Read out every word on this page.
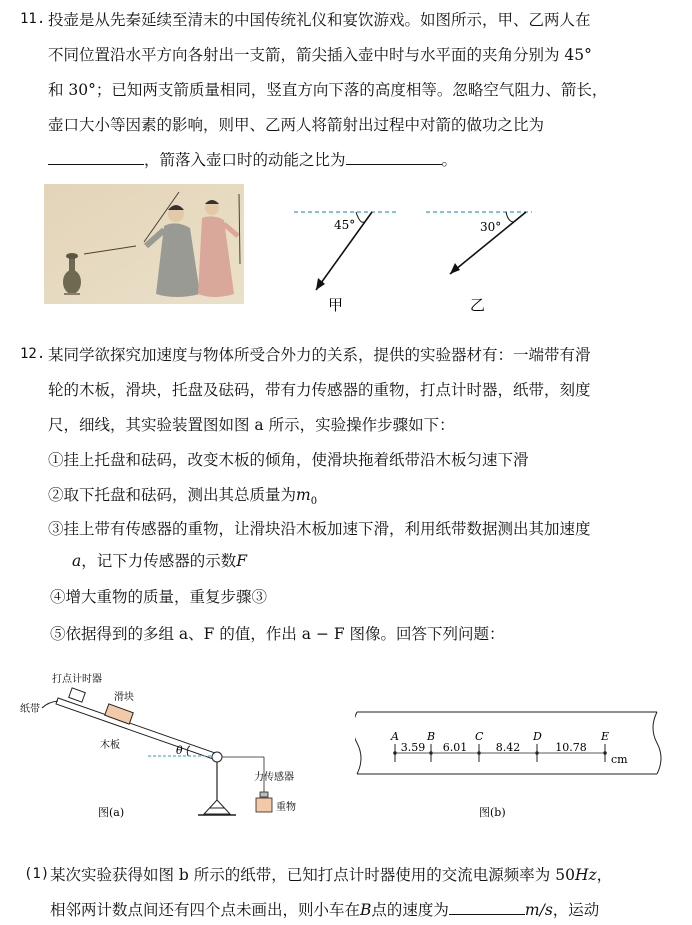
11. 投壶是从先秦延续至清末的中国传统礼仪和宴饮游戏。如图所示，甲、乙两人在
不同位置沿水平方向各射出一支箭，箭尖插入壶中时与水平面的夹角分别为 45°
和 30°；已知两支箭质量相同，竖直方向下落的高度相等。忽略空气阻力、箭长，
壶口大小等因素的影响，则甲、乙两人将箭射出过程中对箭的做功之比为
，箭落入壶口时的动能之比为	。
45°
甲
30°
乙
12. 某同学欲探究加速度与物体所受合外力的关系，提供的实验器材有：一端带有滑
轮的木板，滑块，托盘及砝码，带有力传感器的重物，打点计时器，纸带，刻度
尺，细线，其实验装置图如图 a 所示，实验操作步骤如下：
①挂上托盘和砝码，改变木板的倾角，使滑块拖着纸带沿木板匀速下滑
②取下托盘和砝码，测出其总质量为$m_0$
③挂上带有传感器的重物，让滑块沿木板加速下滑，利用纸带数据测出其加速度
a，记下力传感器的示数F
④增大重物的质量，重复步骤③
⑤依据得到的多组 a、F 的值，作出 a − F 图像。回答下列问题：
θ
打点计时器
滑块
纸带
木板
力传感器
重物
图(a)
A	B	C	D	E
3.59 6.01	8.42	10.78
cm
图(b)
(1) 某次实验获得如图 b 所示的纸带，已知打点计时器使用的交流电源频率为 50Hz，
相邻两计数点间还有四个点未画出，则小车在B点的速度为	m/s，运动
